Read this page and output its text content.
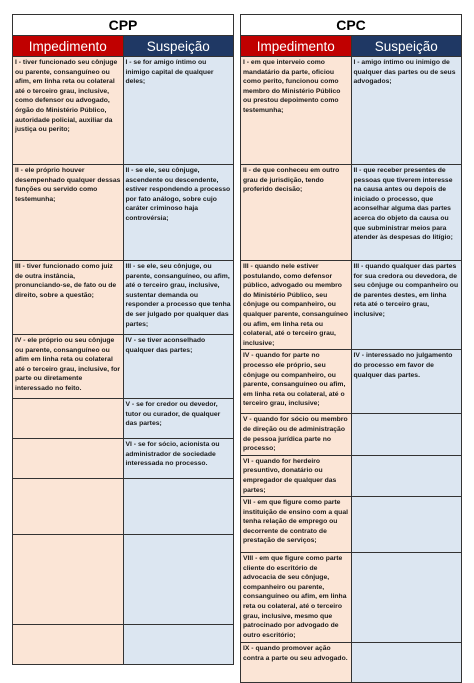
CPP
Impedimento	Suspeição

I - tiver funcionado seu cônjuge ou parente, consanguíneo ou afim, em linha reta ou colateral até o terceiro grau, inclusive, como defensor ou advogado, órgão do Ministério Público, autoridade policial, auxiliar da justiça ou perito;	I - se for amigo íntimo ou inimigo capital de qualquer deles;

II - ele próprio houver desempenhado qualquer dessas funções ou servido como testemunha;	II - se ele, seu cônjuge, ascendente ou descendente, estiver respondendo a processo por fato análogo, sobre cujo caráter criminoso haja controvérsia;

III - tiver funcionado como juiz de outra instância, pronunciando-se, de fato ou de direito, sobre a questão;	III - se ele, seu cônjuge, ou parente, consanguíneo, ou afim, até o terceiro grau, inclusive, sustentar demanda ou responder a processo que tenha de ser julgado por qualquer das partes;

IV - ele próprio ou seu cônjuge ou parente, consanguíneo ou afim em linha reta ou colateral até o terceiro grau, inclusive, for parte ou diretamente interessado no feito.	IV - se tiver aconselhado qualquer das partes;

	V - se for credor ou devedor, tutor ou curador, de qualquer das partes;

	VI - se for sócio, acionista ou administrador de sociedade interessada no processo.

CPC
Impedimento	Suspeição

I - em que interveio como mandatário da parte, oficiou como perito, funcionou como membro do Ministério Público ou prestou depoimento como testemunha;	I - amigo íntimo ou inimigo de qualquer das partes ou de seus advogados;

II - de que conheceu em outro grau de jurisdição, tendo proferido decisão;	II - que receber presentes de pessoas que tiverem interesse na causa antes ou depois de iniciado o processo, que aconselhar alguma das partes acerca do objeto da causa ou que subministrar meios para atender às despesas do litígio;

III - quando nele estiver postulando, como defensor público, advogado ou membro do Ministério Público, seu cônjuge ou companheiro, ou qualquer parente, consanguíneo ou afim, em linha reta ou colateral, até o terceiro grau, inclusive;	III - quando qualquer das partes for sua credora ou devedora, de seu cônjuge ou companheiro ou de parentes destes, em linha reta até o terceiro grau, inclusive;

IV - quando for parte no processo ele próprio, seu cônjuge ou companheiro, ou parente, consanguíneo ou afim, em linha reta ou colateral, até o terceiro grau, inclusive;	IV - interessado no julgamento do processo em favor de qualquer das partes.

V - quando for sócio ou membro de direção ou de administração de pessoa jurídica parte no processo;	

VI - quando for herdeiro presuntivo, donatário ou empregador de qualquer das partes;	

VII - em que figure como parte instituição de ensino com a qual tenha relação de emprego ou decorrente de contrato de prestação de serviços;	

VIII - em que figure como parte cliente do escritório de advocacia de seu cônjuge, companheiro ou parente, consanguíneo ou afim, em linha reta ou colateral, até o terceiro grau, inclusive, mesmo que patrocinado por advogado de outro escritório;	

IX - quando promover ação contra a parte ou seu advogado.	
